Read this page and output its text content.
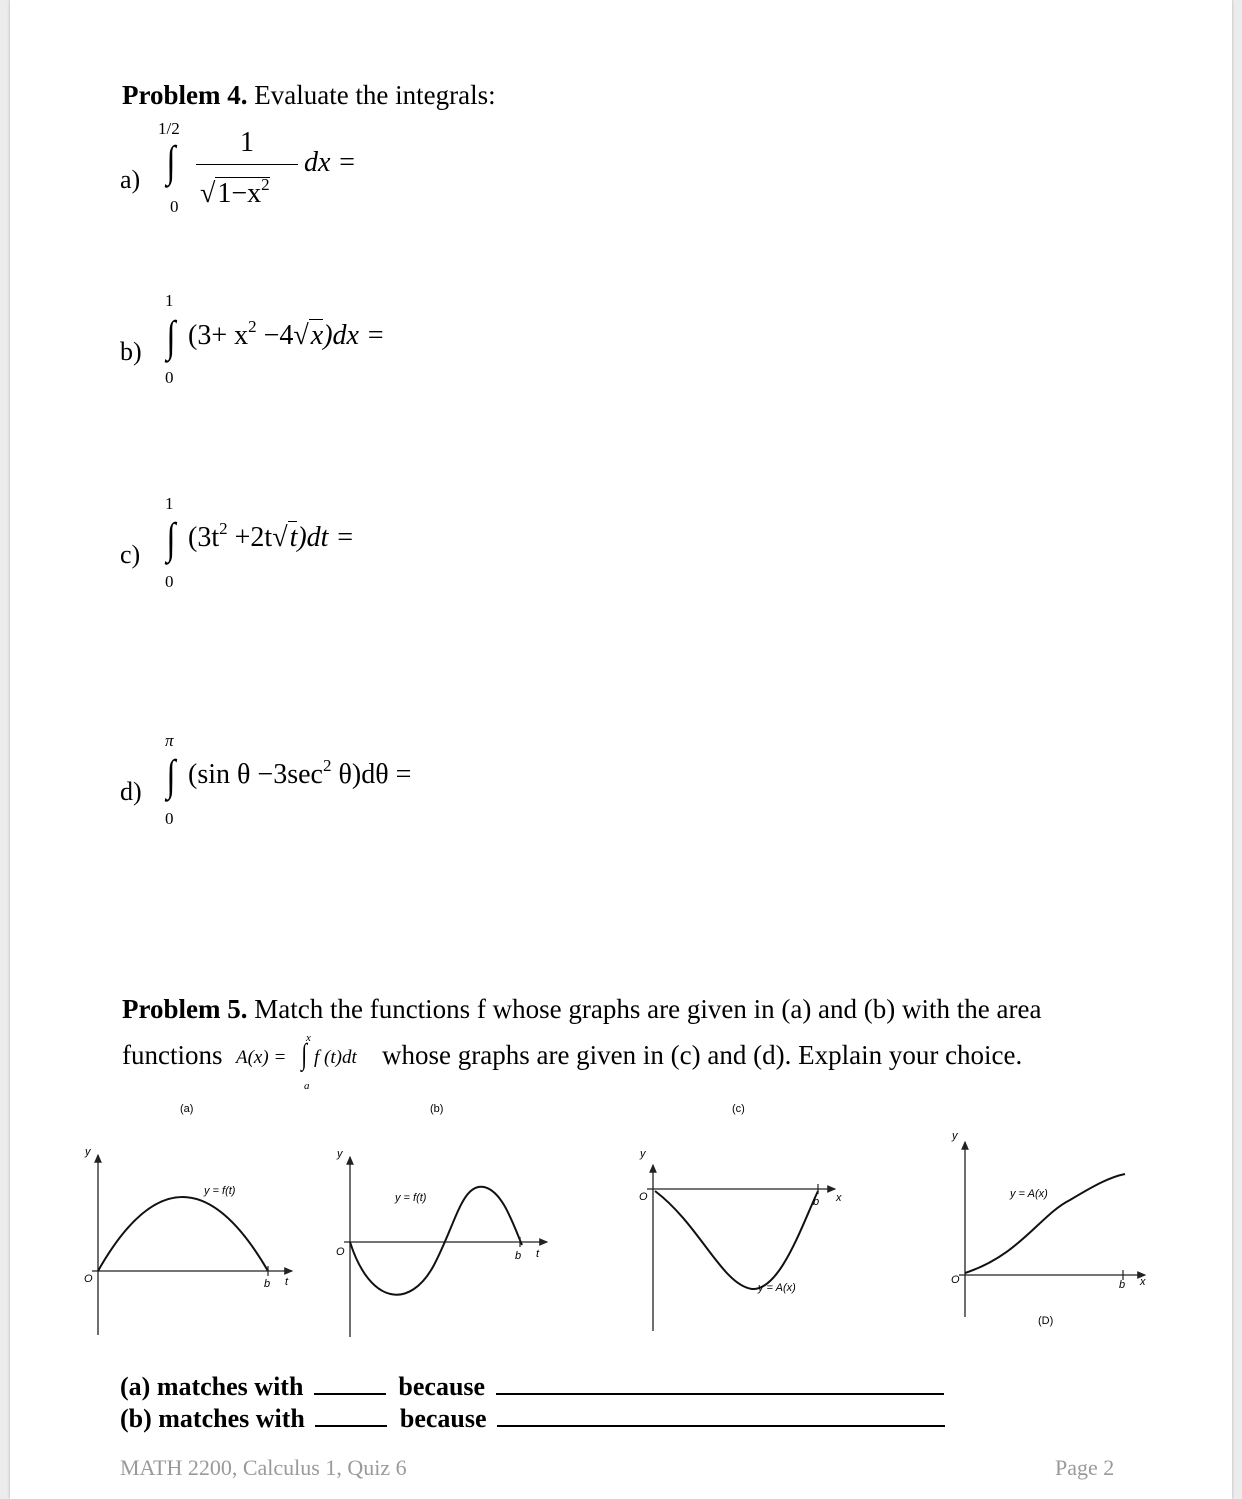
Problem 4. Evaluate the integrals:
a)
1/2
∫
0
1
$√1-x^2$
dx =
b)
1
∫
0
$(3+ x^2 -4√x)dx$ =
c)
1
∫
0
$(3t^2 +2t√t)dt$ =
d)
π
∫
0
(sin $\theta -3\sec^2$ θ)dθ =
Problem 5. Match the functions f whose graphs are given in (a) and (b) with the area
functions A(x) =
x
∫
a
f (t)dt whose graphs are given in (c) and (d). Explain your choice.
(a)
y
y = f(t)
O	b t
(b)
y
y = f(t)
O	b t
(c)
y
O	b x
y = A(x)
y
y = A(x)
O	b x
(D)
(a) matches with	because
(b) matches with	because
MATH 2200, Calculus 1, Quiz 6	Page 2
